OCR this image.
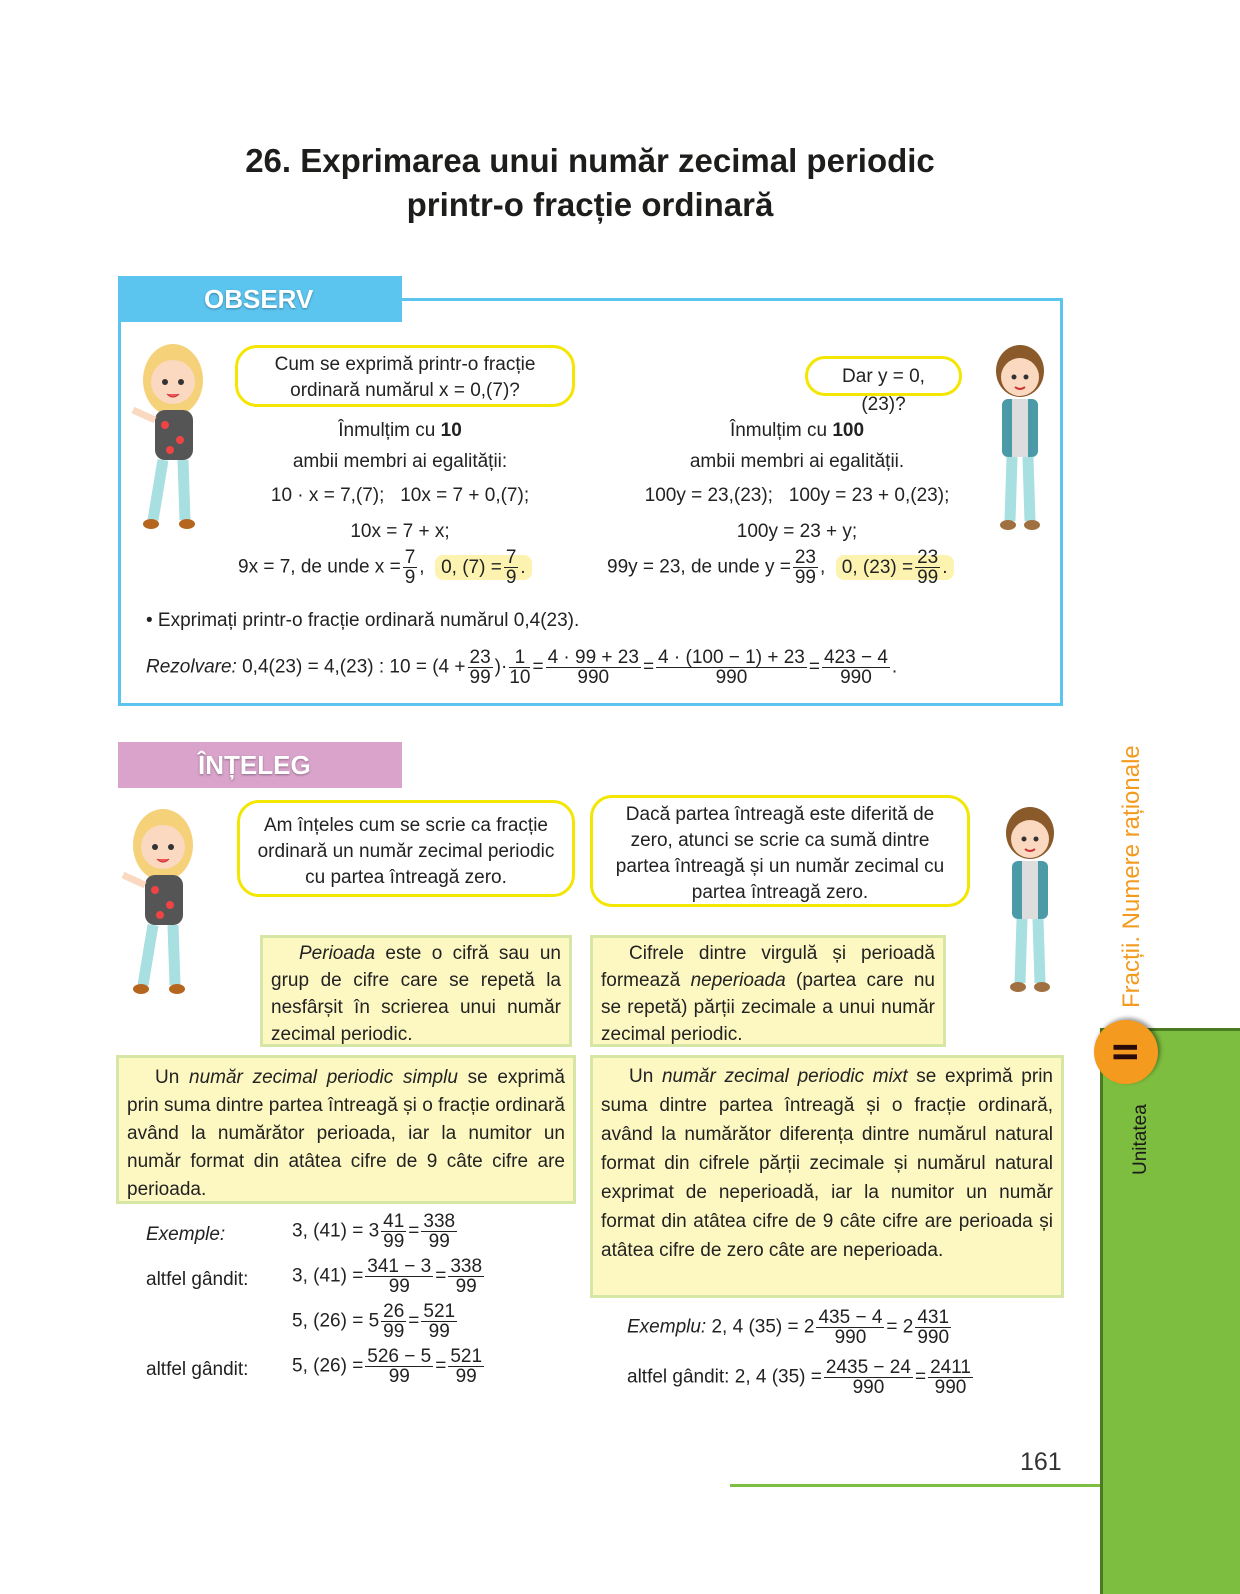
26. Exprimarea unui număr zecimal periodic
printr-o fracție ordinară
OBSERV
Cum se exprimă printr-o fracție ordinară numărul x = 0,(7)?
Dar y = 0,(23)?
Înmulțim cu 10
ambii membri ai egalității:
10 · x = 7,(7);   10x = 7 + 0,(7);
10x = 7 + x;
9x = 7, de unde $x = \frac{7}{9}$ ,  0, $(7) = \frac{7}{9}$ .
Înmulțim cu 100
ambii membri ai egalității.
100y = 23,(23);   100y = 23 + 0,(23);
100y = 23 + y;
99y = 23, de unde $y = \frac{23}{99}$ ,  0, $(23) = \frac{23}{99}$ .
• Exprimați printr-o fracție ordinară numărul 0,4(23).
Rezolvare: 0,4(23) = 4,(23) : $10 = (4 + \frac{23}{99}$ )· $\frac{1}{10} = \frac{4 \cdot 99 + 23}{990} = \frac{4 \cdot (100 - 1) + 23}{990} = \frac{423 - 4}{990}$ .
ÎNȚELEG
Am înțeles cum se scrie ca fracție ordinară un număr zecimal periodic cu partea întreagă zero.
Dacă partea întreagă este diferită de zero, atunci se scrie ca sumă dintre partea întreagă și un număr zecimal cu partea întreagă zero.
Perioada este o cifră sau un grup de cifre care se repetă la nesfârșit în scrierea unui număr zecimal periodic.
Cifrele dintre virgulă și perioadă formează neperioada (partea care nu se repetă) părții zecimale a unui număr zecimal periodic.
Un număr zecimal periodic simplu se exprimă prin suma dintre partea întreagă și o fracție ordinară având la numărător perioada, iar la numitor un număr format din atâtea cifre de 9 câte cifre are perioada.
Un număr zecimal periodic mixt se exprimă prin suma dintre partea întreagă și o fracție ordinară, având la numărător diferența dintre numărul natural format din cifrele părții zecimale și numărul natural exprimat de neperioadă, iar la numitor un număr format din atâtea cifre de 9 câte cifre are perioada și atâtea cifre de zero câte are neperioada.
Exemple:	3, $(41) = 3 \frac{41}{99} = \frac{338}{99}$
altfel gândit: 3, $(41) = \frac{341 - 3}{99} = \frac{338}{99}$
5, $(26) = 5 \frac{26}{99} = \frac{521}{99}$
altfel gândit: 5, $(26) = \frac{526 - 5}{99} = \frac{521}{99}$
Exemplu: 2, 4 $(35) = 2 \frac{435 - 4}{990} = 2 \frac{431}{990}$
altfel gândit: 2, 4 $(35) = \frac{2435 - 24}{990} = \frac{2411}{990}$
161
II
Unitatea
Fracții. Numere raționale
